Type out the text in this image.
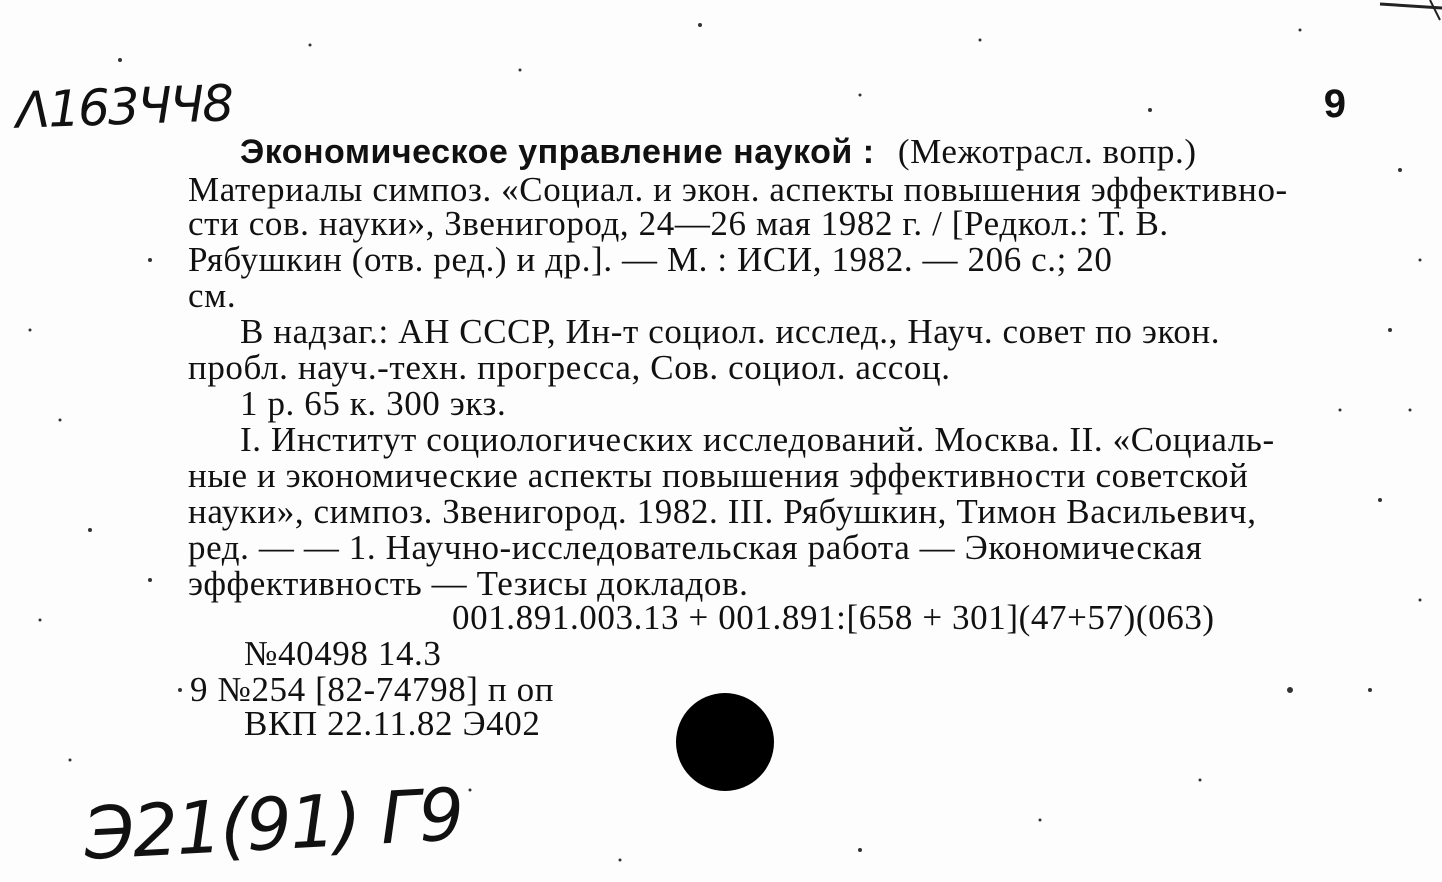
Λ163ЧЧ8
Э21(91) Г9
9
Экономическое управление наукой : (Межотрасл. вопр.)
Материалы симпоз. «Социал. и экон. аспекты повышения эффективно-
сти сов. науки», Звенигород, 24—26 мая 1982 г. / [Редкол.: Т. В.
Рябушкин (отв. ред.) и др.]. — М. : ИСИ, 1982. — 206 с.; 20
см.
В надзаг.: АН СССР, Ин-т социол. исслед., Науч. совет по экон.
пробл. науч.-техн. прогресса, Сов. социол. ассоц.
1 р. 65 к. 300 экз.
I. Институт социологических исследований. Москва. II. «Социаль-
ные и экономические аспекты повышения эффективности советской
науки», симпоз. Звенигород. 1982. III. Рябушкин, Тимон Васильевич,
ред. — — 1. Научно-исследовательская работа — Экономическая
эффективность — Тезисы докладов.
001.891.003.13 + 001.891:[658 + 301](47+57)(063)
№40498 14.3
9 №254 [82-74798] п оп
ВКП 22.11.82 Э402
